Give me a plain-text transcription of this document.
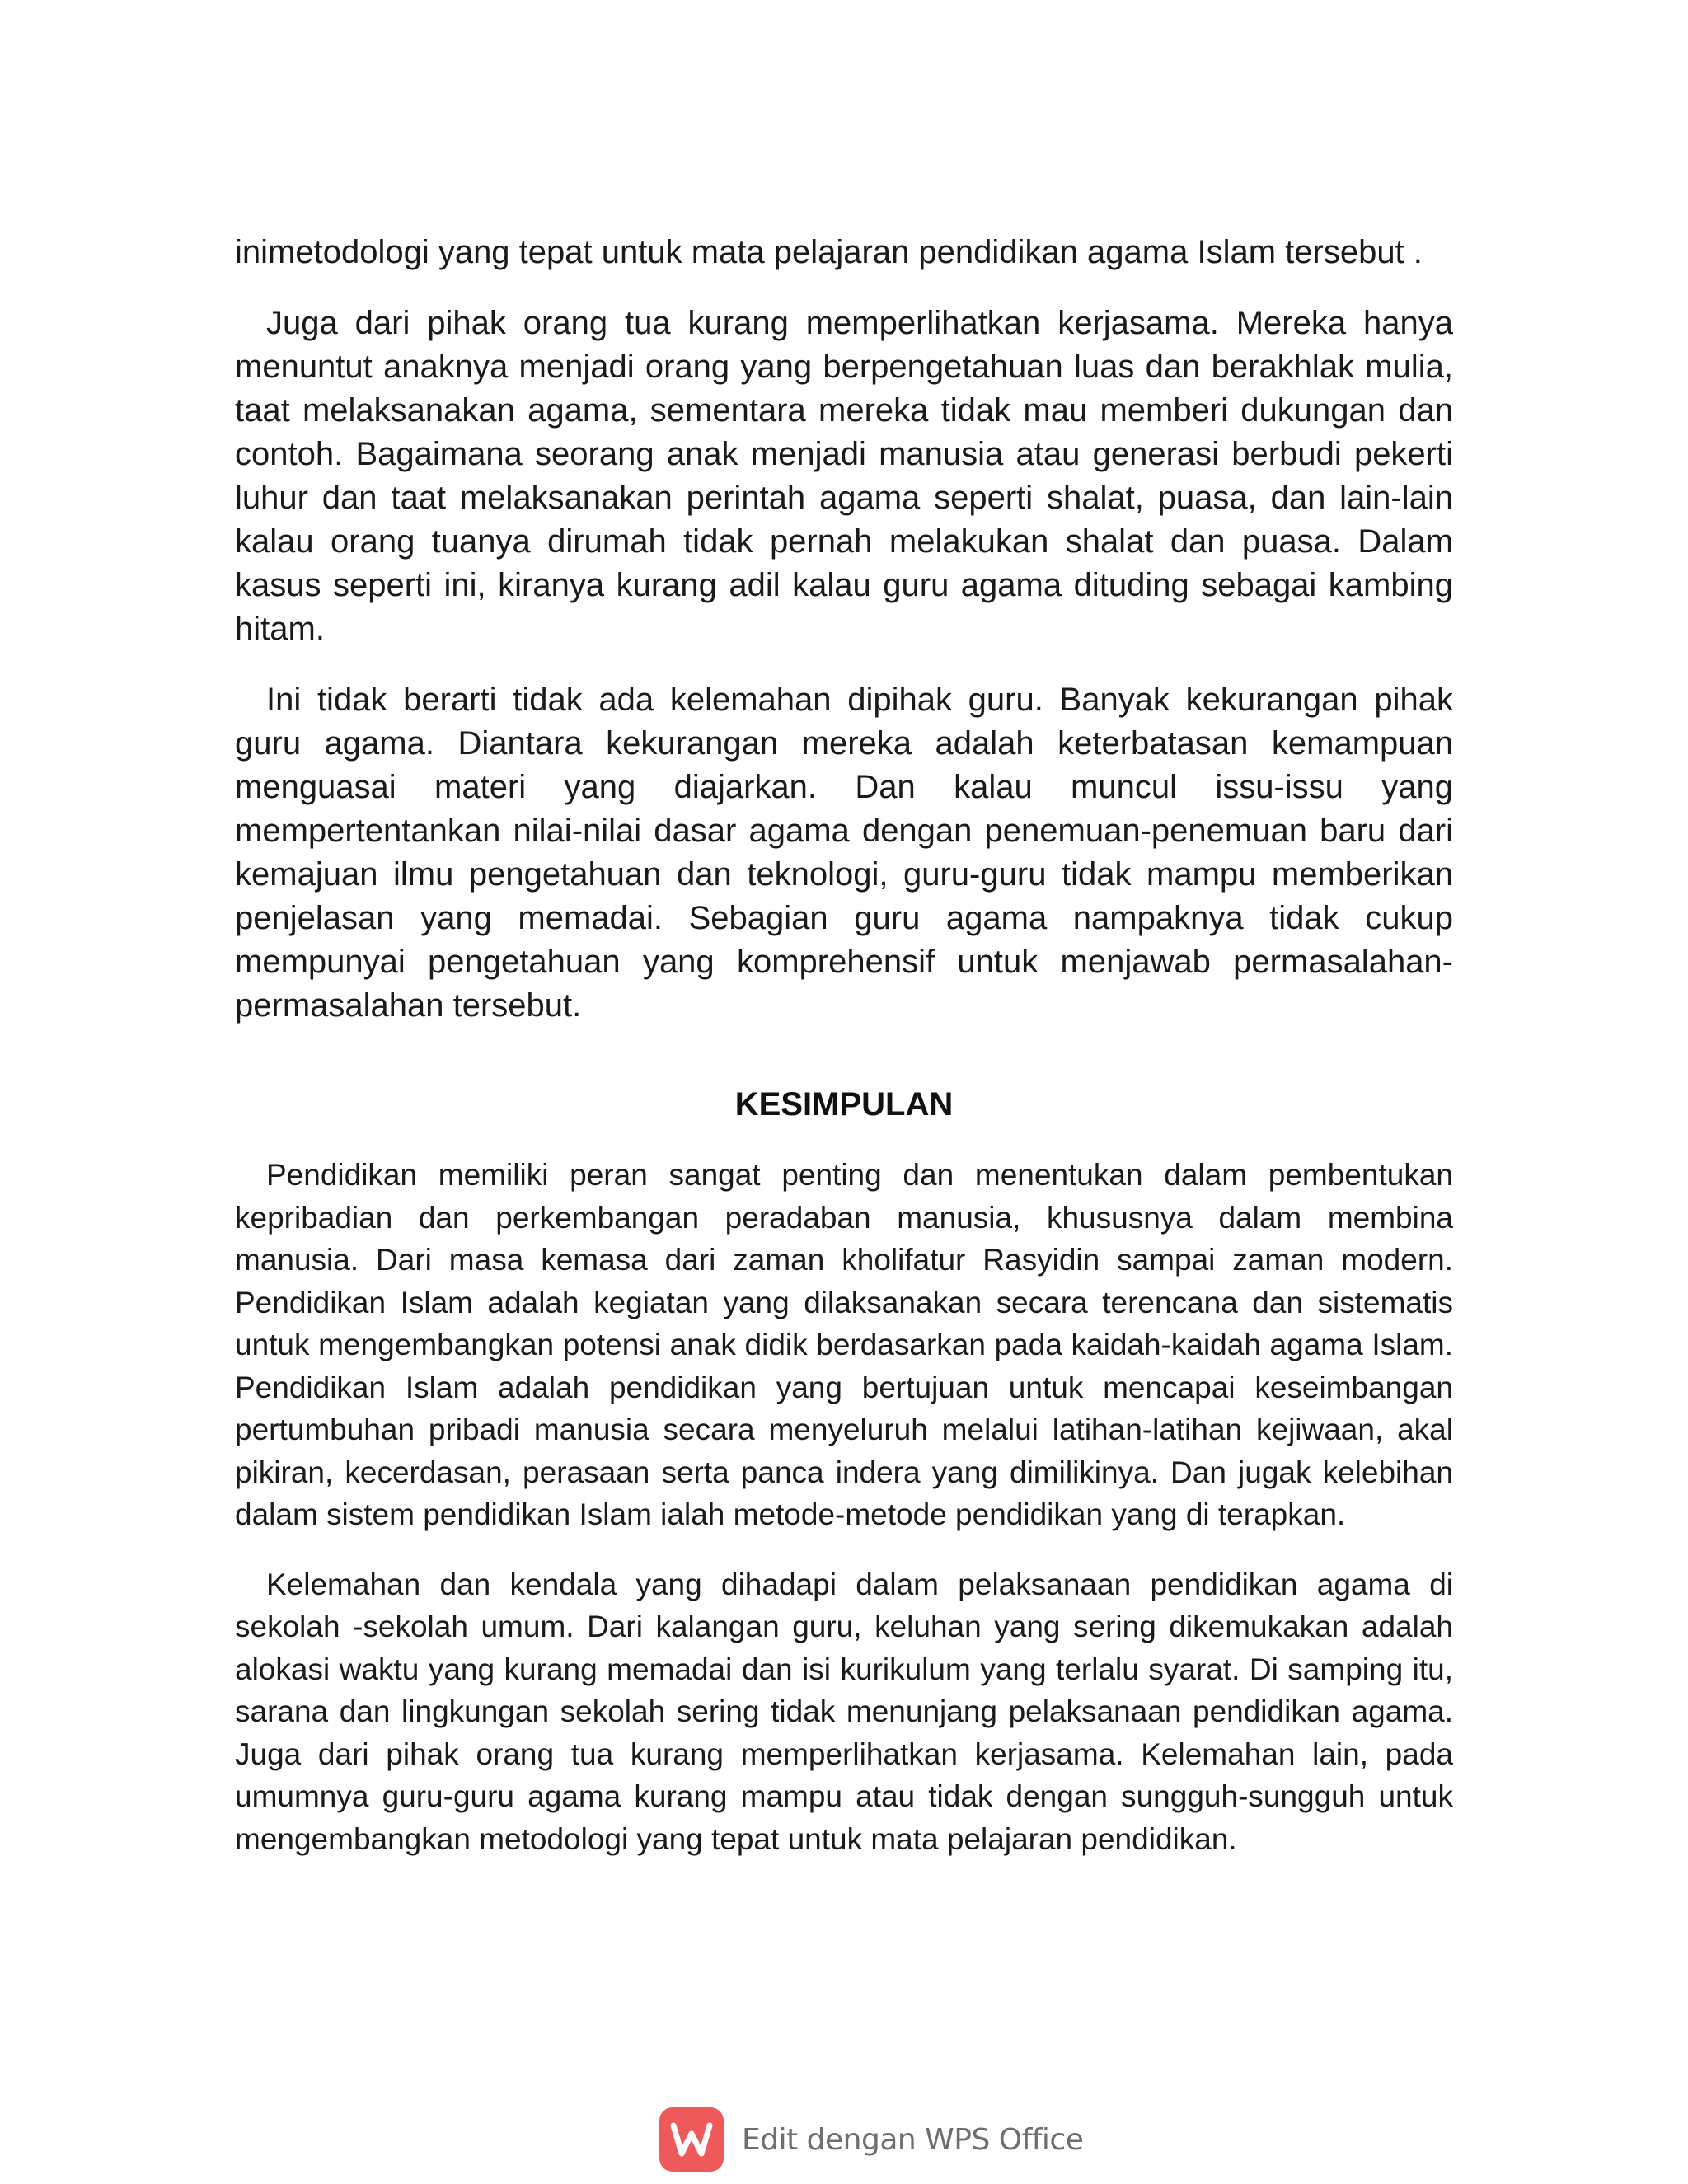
inimetodologi yang tepat untuk mata pelajaran pendidikan agama Islam tersebut .

Juga dari pihak orang tua kurang memperlihatkan kerjasama. Mereka hanya menuntut anaknya menjadi orang yang berpengetahuan luas dan berakhlak mulia, taat melaksanakan agama, sementara mereka tidak mau memberi dukungan dan contoh. Bagaimana seorang anak menjadi manusia atau generasi berbudi pekerti luhur dan taat melaksanakan perintah agama seperti shalat, puasa, dan lain-lain kalau orang tuanya dirumah tidak pernah melakukan shalat dan puasa. Dalam kasus seperti ini, kiranya kurang adil kalau guru agama dituding sebagai kambing hitam.

Ini tidak berarti tidak ada kelemahan dipihak guru. Banyak kekurangan pihak guru agama. Diantara kekurangan mereka adalah keterbatasan kemampuan menguasai materi yang diajarkan. Dan kalau muncul issu-issu yang mempertentankan nilai-nilai dasar agama dengan penemuan-penemuan baru dari kemajuan ilmu pengetahuan dan teknologi, guru-guru tidak mampu memberikan penjelasan yang memadai. Sebagian guru agama nampaknya tidak cukup mempunyai pengetahuan yang komprehensif untuk menjawab permasalahan-permasalahan tersebut.

KESIMPULAN

Pendidikan memiliki peran sangat penting dan menentukan dalam pembentukan kepribadian dan perkembangan peradaban manusia, khususnya dalam membina manusia. Dari masa kemasa dari zaman kholifatur Rasyidin sampai zaman modern. Pendidikan Islam adalah kegiatan yang dilaksanakan secara terencana dan sistematis untuk mengembangkan potensi anak didik berdasarkan pada kaidah-kaidah agama Islam. Pendidikan Islam adalah pendidikan yang bertujuan untuk mencapai keseimbangan pertumbuhan pribadi manusia secara menyeluruh melalui latihan-latihan kejiwaan, akal pikiran, kecerdasan, perasaan serta panca indera yang dimilikinya. Dan jugak kelebihan dalam sistem pendidikan Islam ialah metode-metode pendidikan yang di terapkan.

Kelemahan dan kendala yang dihadapi dalam pelaksanaan pendidikan agama di sekolah -sekolah umum. Dari kalangan guru, keluhan yang sering dikemukakan adalah alokasi waktu yang kurang memadai dan isi kurikulum yang terlalu syarat. Di samping itu, sarana dan lingkungan sekolah sering tidak menunjang pelaksanaan pendidikan agama. Juga dari pihak orang tua kurang memperlihatkan kerjasama. Kelemahan lain, pada umumnya guru-guru agama kurang mampu atau tidak dengan sungguh-sungguh untuk mengembangkan metodologi yang tepat untuk mata pelajaran pendidikan.

Edit dengan WPS Office
